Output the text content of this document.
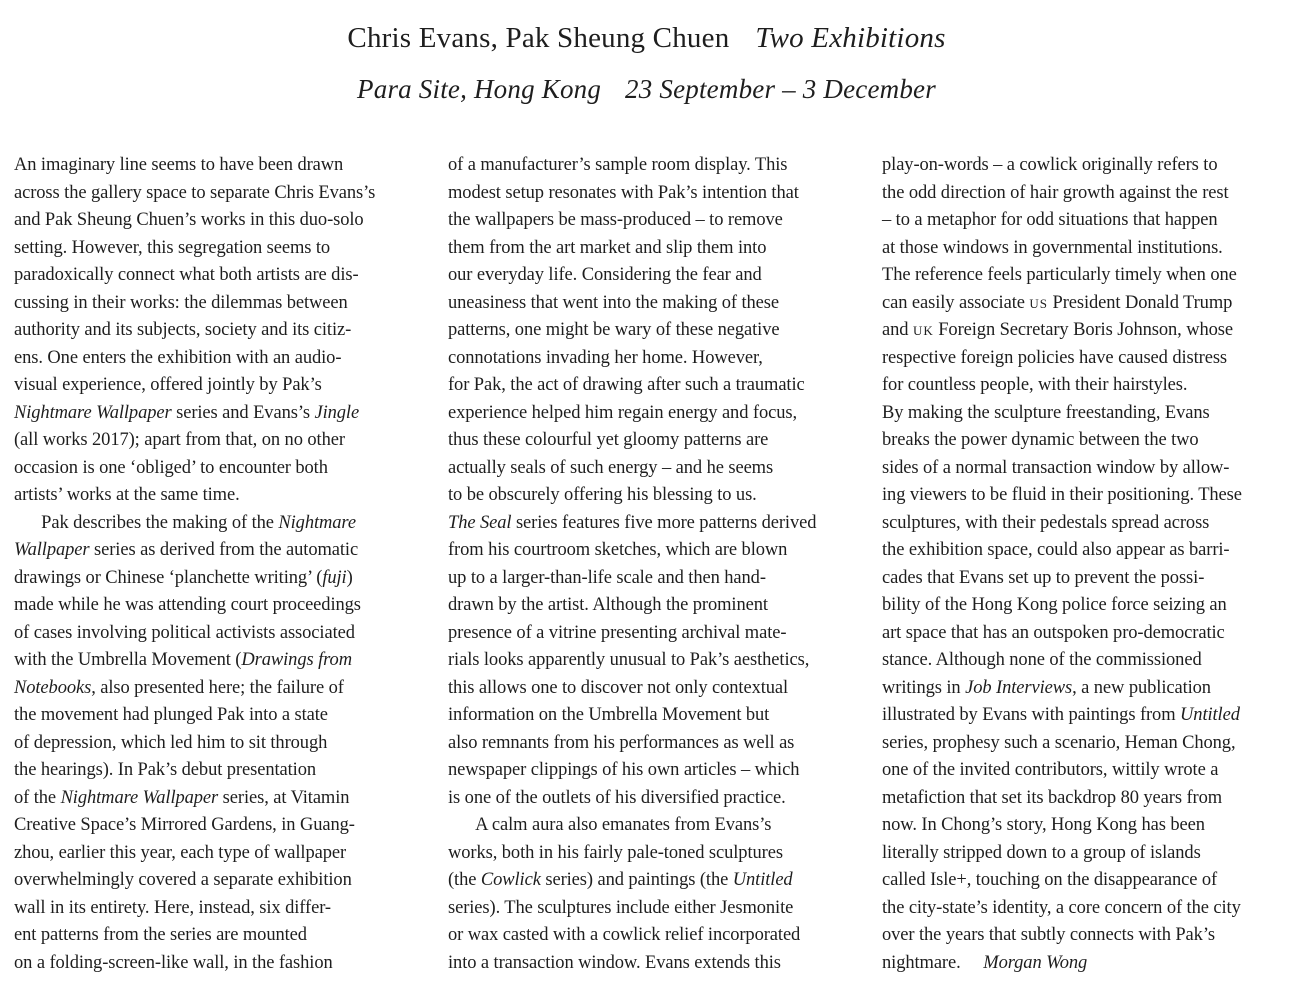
Chris Evans, Pak Sheung Chuen Two Exhibitions
Para Site, Hong Kong 23 September – 3 December
An imaginary line seems to have been drawn
across the gallery space to separate Chris Evans’s
and Pak Sheung Chuen’s works in this duo-solo
setting. However, this segregation seems to
paradoxically connect what both artists are dis-
cussing in their works: the dilemmas between
authority and its subjects, society and its citiz-
ens. One enters the exhibition with an audio-
visual experience, offered jointly by Pak’s
Nightmare Wallpaper series and Evans’s Jingle
(all works 2017); apart from that, on no other
occasion is one ‘obliged’ to encounter both
artists’ works at the same time.
	Pak describes the making of the Nightmare
Wallpaper series as derived from the automatic
drawings or Chinese ‘planchette writing’ (fuji)
made while he was attending court proceedings
of cases involving political activists associated
with the Umbrella Movement (Drawings from
Notebooks, also presented here; the failure of
the movement had plunged Pak into a state
of depression, which led him to sit through
the hearings). In Pak’s debut presentation
of the Nightmare Wallpaper series, at Vitamin
Creative Space’s Mirrored Gardens, in Guang-
zhou, earlier this year, each type of wallpaper
overwhelmingly covered a separate exhibition
wall in its entirety. Here, instead, six differ-
ent patterns from the series are mounted
on a folding-screen-like wall, in the fashion
of a manufacturer’s sample room display. This
modest setup resonates with Pak’s intention that
the wallpapers be mass-produced – to remove
them from the art market and slip them into
our everyday life. Considering the fear and
uneasiness that went into the making of these
patterns, one might be wary of these negative
connotations invading her home. However,
for Pak, the act of drawing after such a traumatic
experience helped him regain energy and focus,
thus these colourful yet gloomy patterns are
actually seals of such energy – and he seems
to be obscurely offering his blessing to us.
The Seal series features five more patterns derived
from his courtroom sketches, which are blown
up to a larger-than-life scale and then hand-
drawn by the artist. Although the prominent
presence of a vitrine presenting archival mate-
rials looks apparently unusual to Pak’s aesthetics,
this allows one to discover not only contextual
information on the Umbrella Movement but
also remnants from his performances as well as
newspaper clippings of his own articles – which
is one of the outlets of his diversified practice.
	A calm aura also emanates from Evans’s
works, both in his fairly pale-toned sculptures
(the Cowlick series) and paintings (the Untitled
series). The sculptures include either Jesmonite
or wax casted with a cowlick relief incorporated
into a transaction window. Evans extends this
play-on-words – a cowlick originally refers to
the odd direction of hair growth against the rest
– to a metaphor for odd situations that happen
at those windows in governmental institutions.
The reference feels particularly timely when one
can easily associate us President Donald Trump
and uk Foreign Secretary Boris Johnson, whose
respective foreign policies have caused distress
for countless people, with their hairstyles.
By making the sculpture freestanding, Evans
breaks the power dynamic between the two
sides of a normal transaction window by allow-
ing viewers to be fluid in their positioning. These
sculptures, with their pedestals spread across
the exhibition space, could also appear as barri-
cades that Evans set up to prevent the possi-
bility of the Hong Kong police force seizing an
art space that has an outspoken pro-democratic
stance. Although none of the commissioned
writings in Job Interviews, a new publication
illustrated by Evans with paintings from Untitled
series, prophesy such a scenario, Heman Chong,
one of the invited contributors, wittily wrote a
metafiction that set its backdrop 80 years from
now. In Chong’s story, Hong Kong has been
literally stripped down to a group of islands
called Isle+, touching on the disappearance of
the city-state’s identity, a core concern of the city
over the years that subtly connects with Pak’s
nightmare.     Morgan Wong
